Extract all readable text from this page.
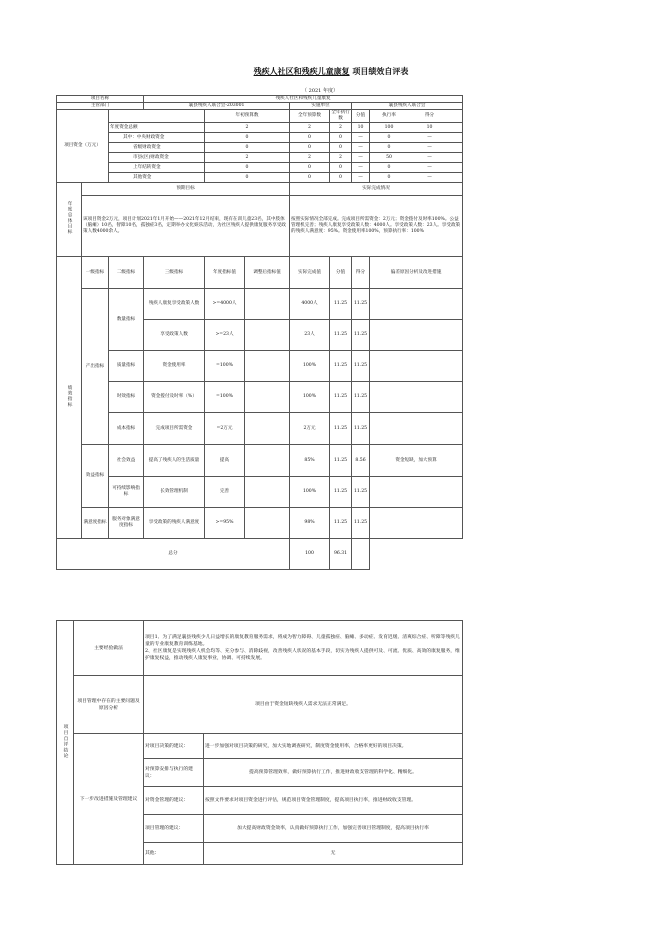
残疾人社区和残疾儿童康复 项目绩效自评表
（ 2021 年度）
项目名称			残疾人社区和残疾儿童康复						
主管部门			襄县残疾人联合会-203001			实施单位		襄县残疾人联合会	
项目资金（万元）				年初预算数		全年预算数	全年执行数	分值	执行率 得分
		年度资金总额		2		2	2	10	100 10
		其中：中央财政资金		0		0	0	—	0 —
		省级财政资金		0		0	0	—	0 —
		市县(区)财政资金		2		2	2	—	50 —
		上年结转资金		0		0	0	—	0 —
		其他资金		0		0	0	—	0 —
年度总体目标	预期目标					实际完成情况			
	该项目资金2万元，项目计划2021年1月开始——2021年12月结束，现有在训儿童23名，其中肢体（脑瘫）10名，智障10名，孤独症3名，定期举办文化娱乐活动，为社区残疾人提供康复服务享受政策人数4000余人。					按照实际情况全部完成。完成项目所需资金：2万元；资金拨付及时率100%。公益管理机完善；残疾人康复享受政策人数：4000人。享受政策人数：23人。享受政策的残疾人满意度：95%。资金使用率100%，预算执行率：100%			
绩效指标	一级指标	二级指标	三级指标	年度指标值	调整后指标值	实际完成值	分值	得分	偏差原因分析及改进措施
	产出指标	数量指标	残疾人康复享受政策人数	>=4000人		4000人	11.25	11.25	
			享受政策人数	>=23人		23人	11.25	11.25	
		质量指标	资金使用率	=100%		100%	11.25	11.25	
		时效指标	资金拨付及时率（%）	=100%		100%	11.25	11.25	
		成本指标	完成项目所需资金	=2万元		2万元	11.25	11.25	
	效益指标	社会效益	提高了残疾人的生活质量	提高		85%	11.25	8.56	资金短缺，加大预算
		可持续影响指标	长效管理机制	完善		100%	11.25	11.25	
	满意度指标	服务对象满意度指标	享受政策的残疾人满意度	>=95%		98%	11.25	11.25	
总分						100	96.31		
项目自评结论	主要经验做法	项目1、为了满足襄县残疾少儿日益增长的康复教育服务需求，将成为智力障碍、儿童孤独症、脑瘫、多动症、发育迟缓、清爽综合症、听障等残疾儿童的专业康复教育训练基地。
2、社区康复是实现残疾人机会均等、充分参与、消除歧视，改善残疾人状况的基本手段，切实为残疾人提供可及、可流、优质、高效的康复服务，维护康复权益，推动残疾人康复事业，协调、可持续发展。	
	项目管理中存在的主要问题及原因分析	项目由于资金短缺残疾人需求无法正常满足。	
	下一步改进措施及管理建议	对项目决策的建议：	进一步加强对项目决策的研究，加大实地调查研究，制度资金使用率，合格率更好的项目决策。
		对预算安排与执行的建议：	提高预算管理效率，做好预算执行工作，推进财政收支管理的科学化、精细化。
		对资金管理的建议：	按照文件要求对项目资金进行评估，规范项目资金管理制度，提高项目执行率，推进财政收支管理。
		项目管理的建议：	加大提高财政资金效率，认真做好预算执行工作，加强完善项目管理制度，提高项目执行率
		其他：	无
